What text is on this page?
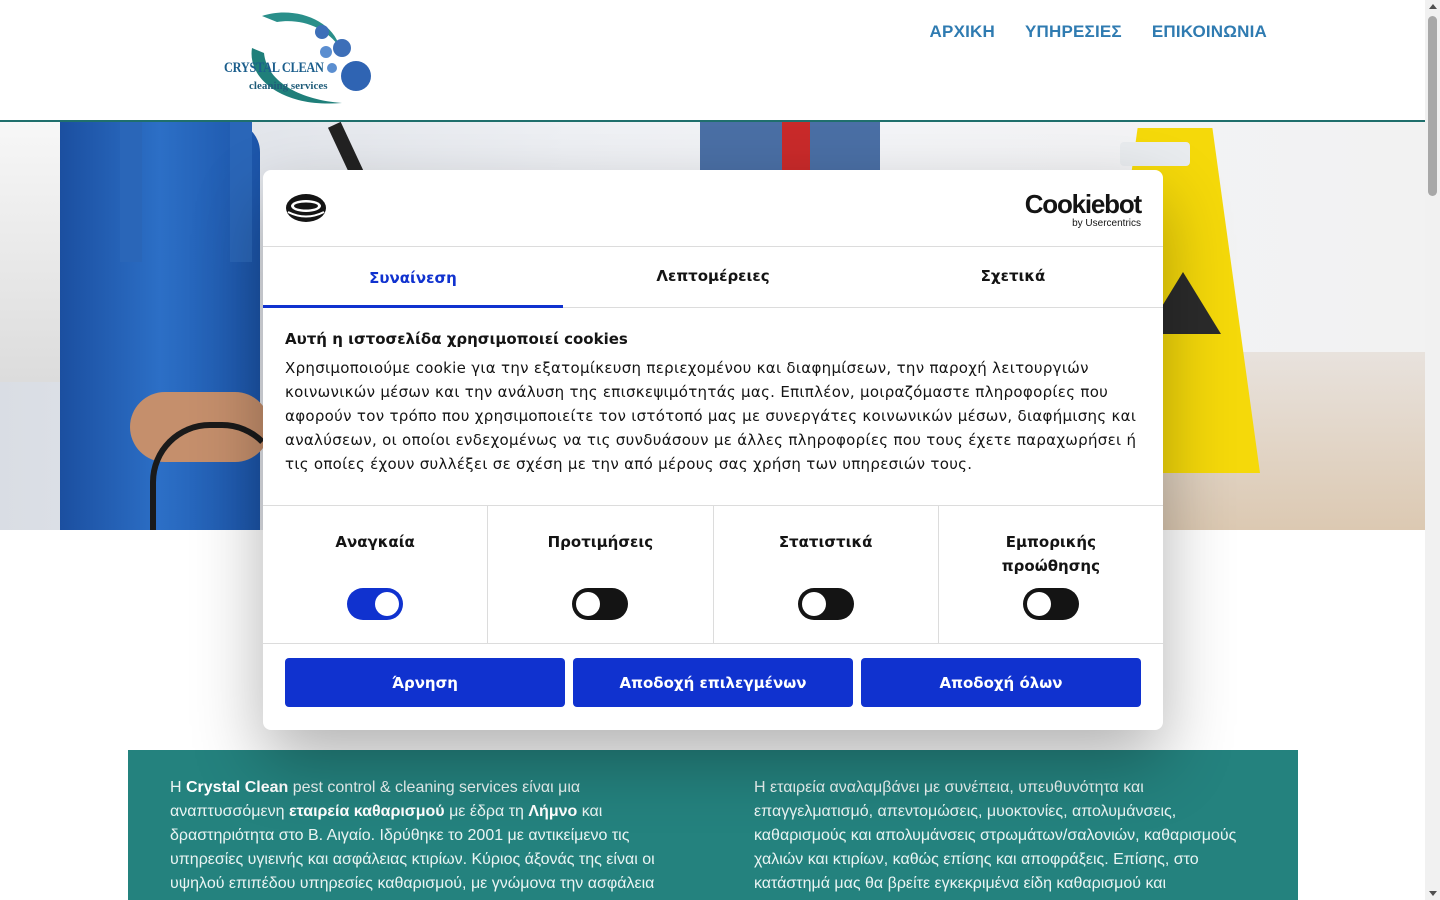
CRYSTAL CLEAN
cleaning services
ΑΡΧΙΚΗ ΥΠΗΡΕΣΙΕΣ ΕΠΙΚΟΙΝΩΝΙΑ
Η Crystal Clean pest control & cleaning services είναι μια αναπτυσσόμενη εταιρεία καθαρισμού με έδρα τη Λήμνο και δραστηριότητα στο Β. Αιγαίο. Ιδρύθηκε το 2001 με αντικείμενο τις υπηρεσίες υγιεινής και ασφάλειας κτιρίων. Κύριος άξονάς της είναι οι υψηλού επιπέδου υπηρεσίες καθαρισμού, με γνώμονα την ασφάλεια
Η εταιρεία αναλαμβάνει με συνέπεια, υπευθυνότητα και επαγγελματισμό, απεντομώσεις, μυοκτονίες, απολυμάνσεις, καθαρισμούς και απολυμάνσεις στρωμάτων/σαλονιών, καθαρισμούς χαλιών και κτιρίων, καθώς επίσης και αποφράξεις. Επίσης, στο κατάστημά μας θα βρείτε εγκεκριμένα είδη καθαρισμού και
Cookiebot
by Usercentrics
Συναίνεση	Λεπτομέρειες	Σχετικά

Αυτή η ιστοσελίδα χρησιμοποιεί cookies

Χρησιμοποιούμε cookie για την εξατομίκευση περιεχομένου και διαφημίσεων, την παροχή λειτουργιών κοινωνικών μέσων και την ανάλυση της επισκεψιμότητάς μας. Επιπλέον, μοιραζόμαστε πληροφορίες που αφορούν τον τρόπο που χρησιμοποιείτε τον ιστότοπό μας με συνεργάτες κοινωνικών μέσων, διαφήμισης και αναλύσεων, οι οποίοι ενδεχομένως να τις συνδυάσουν με άλλες πληροφορίες που τους έχετε παραχωρήσει ή τις οποίες έχουν συλλέξει σε σχέση με την από μέρους σας χρήση των υπηρεσιών τους.

Αναγκαία	Προτιμήσεις	Στατιστικά	Εμπορικής προώθησης
Άρνηση	Αποδοχή επιλεγμένων	Αποδοχή όλων
